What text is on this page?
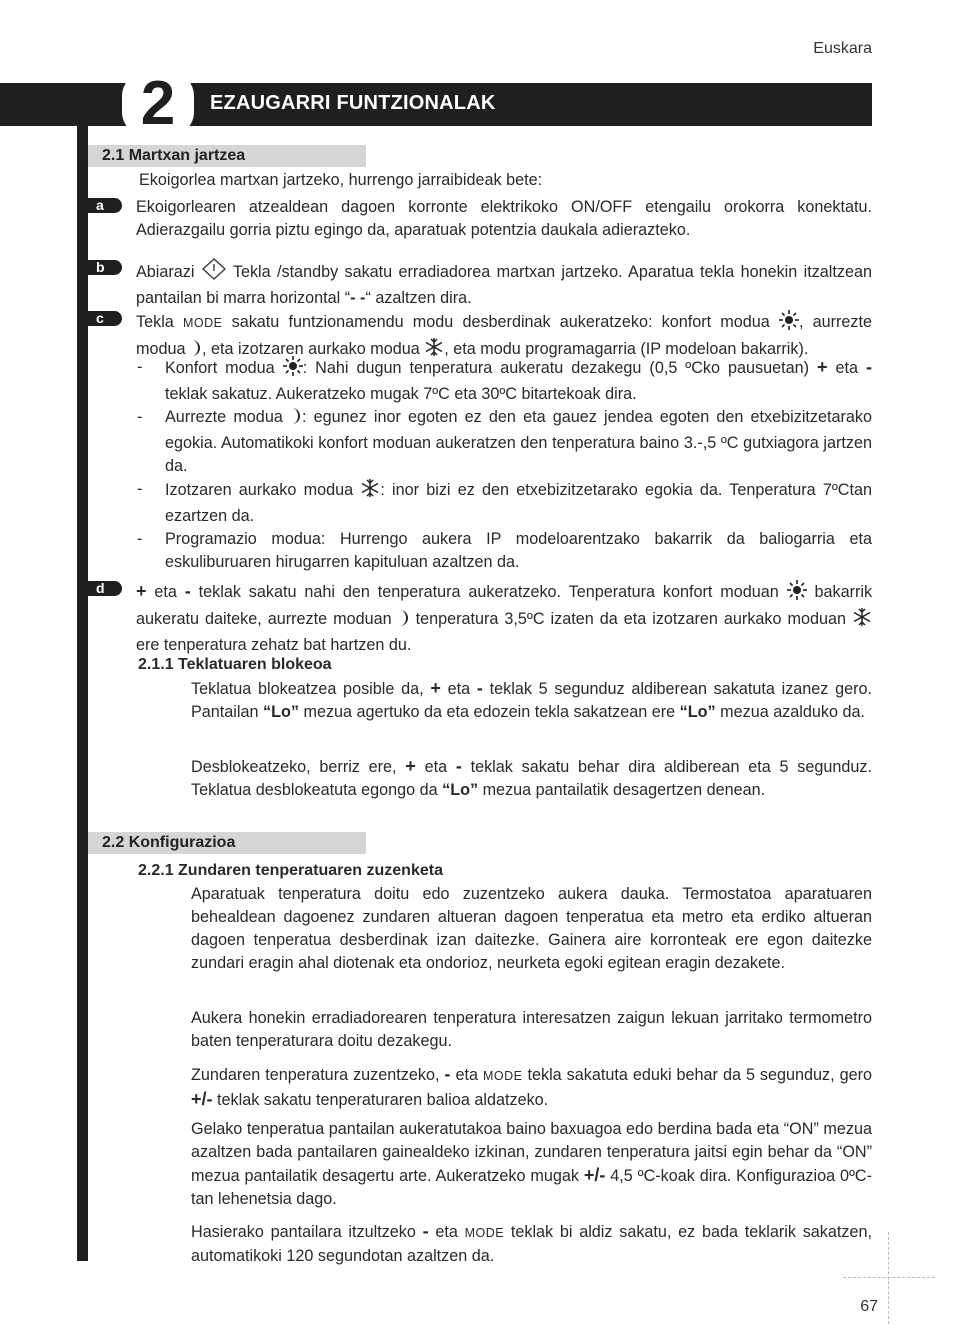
Euskara
2	EZAUGARRI FUNTZIONALAK
2.1 Martxan jartzea
Ekoigorlea martxan jartzeko, hurrengo jarraibideak bete:
a	Ekoigorlearen atzealdean dagoen korronte elektrikoko ON/OFF etengailu orokorra konektatu. Adierazgailu gorria piztu egingo da, aparatuak potentzia daukala adierazteko.
b	Abiarazi Tekla /standby sakatu erradiadorea martxan jartzeko. Aparatua tekla honekin itzaltzean pantailan bi marra horizontal “- -“ azaltzen dira.
c	Tekla MODE sakatu funtzionamendu modu desberdinak aukeratzeko: konfort modua , aurrezte modua , eta izotzaren aurkako modua , eta modu programagarria (IP modeloan bakarrik).
- Konfort modua : Nahi dugun tenperatura aukeratu dezakegu (0,5 ºCko pausuetan) + eta - teklak sakatuz. Aukeratzeko mugak 7ºC eta 30ºC bitartekoak dira.
- Aurrezte modua : egunez inor egoten ez den eta gauez jendea egoten den etxebizitzetarako egokia. Automatikoki konfort moduan aukeratzen den tenperatura baino 3.-,5 ºC gutxiagora jartzen da.
- Izotzaren aurkako modua : inor bizi ez den etxebizitzetarako egokia da. Tenperatura 7ºCtan ezartzen da.
- Programazio modua: Hurrengo aukera IP modeloarentzako bakarrik da baliogarria eta eskuliburuaren hirugarren kapituluan azaltzen da.
d	+ eta - teklak sakatu nahi den tenperatura aukeratzeko. Tenperatura konfort moduan bakarrik aukeratu daiteke, aurrezte moduan tenperatura 3,5ºC izaten da eta izotzaren aurkako moduan  ere tenperatura zehatz bat hartzen du.
2.1.1 Teklatuaren blokeoa
Teklatua blokeatzea posible da, + eta - teklak 5 segunduz aldiberean sakatuta izanez gero. Pantailan “Lo” mezua agertuko da eta edozein tekla sakatzean ere “Lo” mezua azalduko da.
Desblokeatzeko, berriz ere, + eta - teklak sakatu behar dira aldiberean eta 5 segunduz. Teklatua desblokeatuta egongo da “Lo” mezua pantailatik desagertzen denean.
2.2 Konfigurazioa
2.2.1 Zundaren tenperatuaren zuzenketa
Aparatuak tenperatura doitu edo zuzentzeko aukera dauka. Termostatoa aparatuaren behealdean dagoenez zundaren altueran dagoen tenperatua eta metro eta erdiko altueran dagoen tenperatua desberdinak izan daitezke. Gainera aire korronteak ere egon daitezke zundari eragin ahal diotenak eta ondorioz, neurketa egoki egitean eragin dezakete.
Aukera honekin erradiadorearen tenperatura interesatzen zaigun lekuan jarritako termometro baten tenperaturara doitu dezakegu.
Zundaren tenperatura zuzentzeko, - eta MODE tekla sakatuta eduki behar da 5 segunduz, gero +/- teklak sakatu tenperaturaren balioa aldatzeko.
Gelako tenperatua pantailan aukeratutakoa baino baxuagoa edo berdina bada eta “ON” mezua azaltzen bada pantailaren gainealdeko izkinan, zundaren tenperatura jaitsi egin behar da “ON” mezua pantailatik desagertu arte. Aukeratzeko mugak +/- 4,5 ºC-koak dira. Konfigurazioa 0ºC-tan lehenetsia dago.
Hasierako pantailara itzultzeko - eta MODE teklak bi aldiz sakatu, ez bada teklarik sakatzen, automatikoki 120 segundotan azaltzen da.
67
